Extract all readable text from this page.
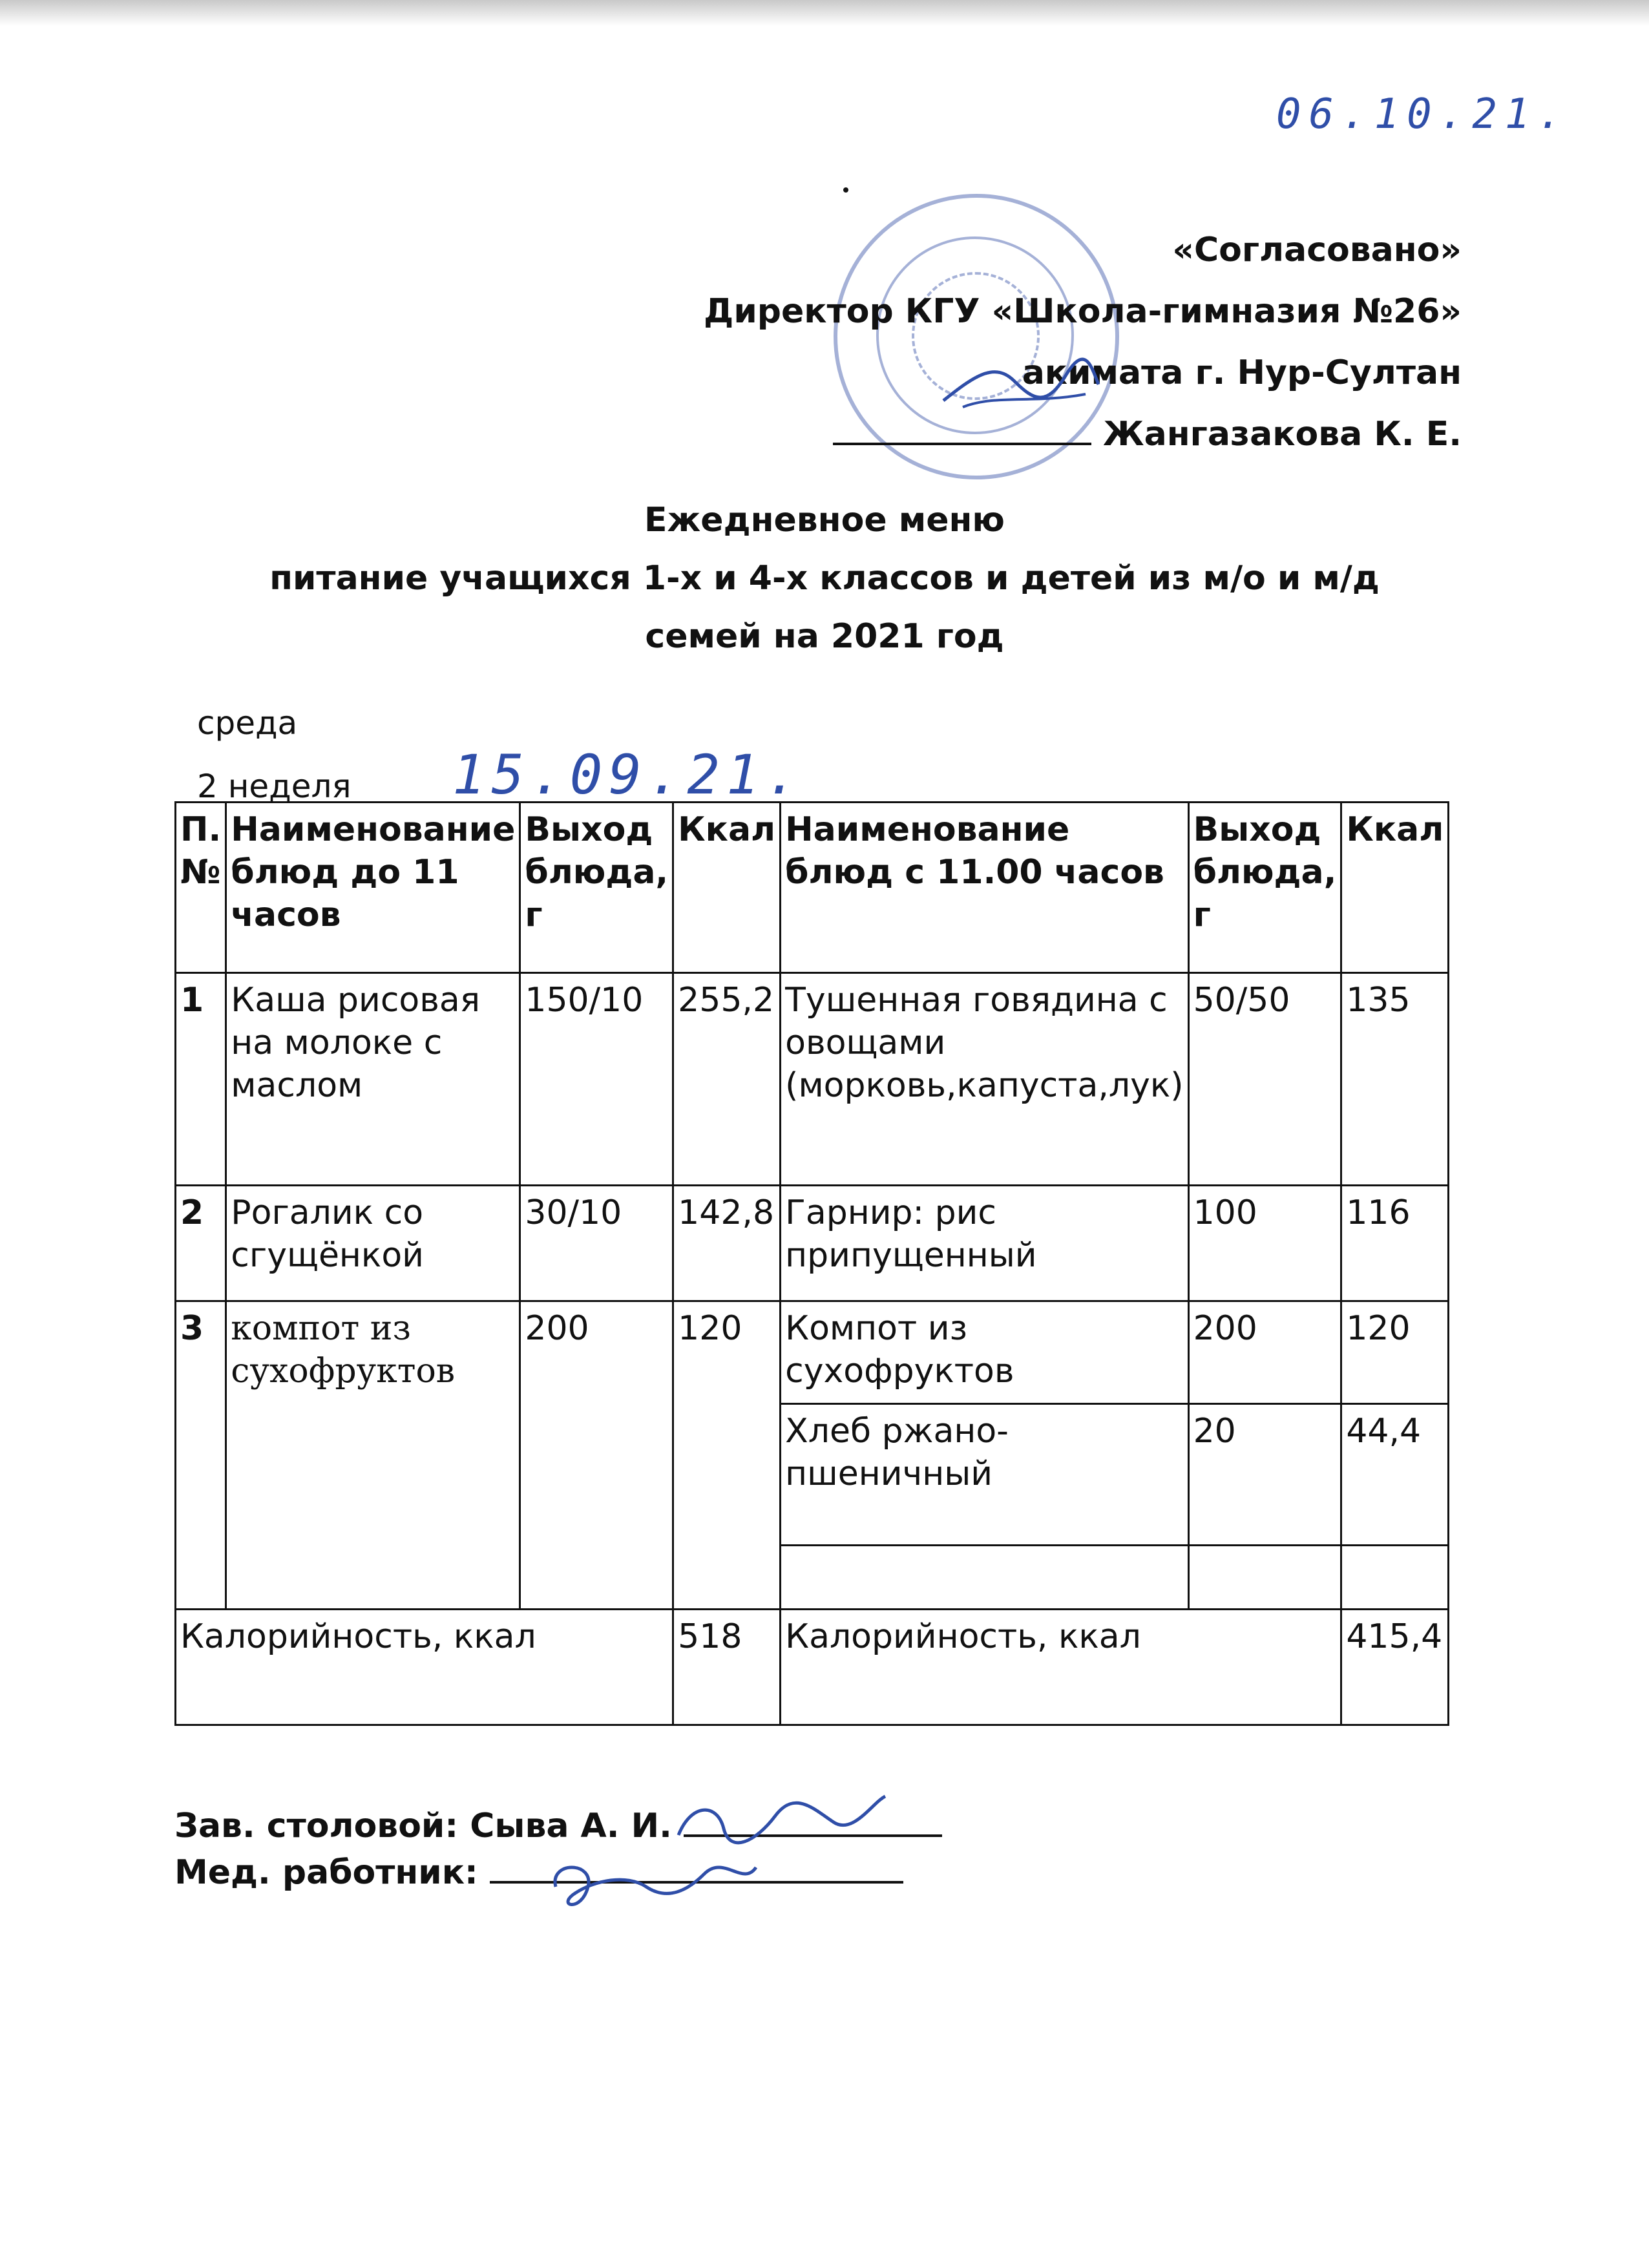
06.10.21.
«Согласовано»
Директор КГУ «Школа-гимназия №26»
акимата г. Нур-Султан
Жангазакова К. Е.
Ежедневное меню
питание учащихся 1-х и 4-х классов и детей из м/о и м/д
семей на 2021 год
среда
2 неделя 15.09.21.
П.№	Наименование блюд до 11 часов	Выход блюда, г	Ккал	Наименование блюд с 11.00 часов	Выход блюда, г	Ккал
1	Каша рисовая на молоке с маслом	150/10	255,2	Тушенная говядина с овощами (морковь,капуста,лук)	50/50	135
2	Рогалик со сгущёнкой	30/10	142,8	Гарнир: рис припущенный	100	116
3	компот из сухофруктов	200	120	Компот из сухофруктов	200	120
				Хлеб ржано-пшеничный	20	44,4

Калорийность, ккал			518	Калорийность, ккал		415,4
Зав. столовой: Сыва А. И.
Мед. работник:
